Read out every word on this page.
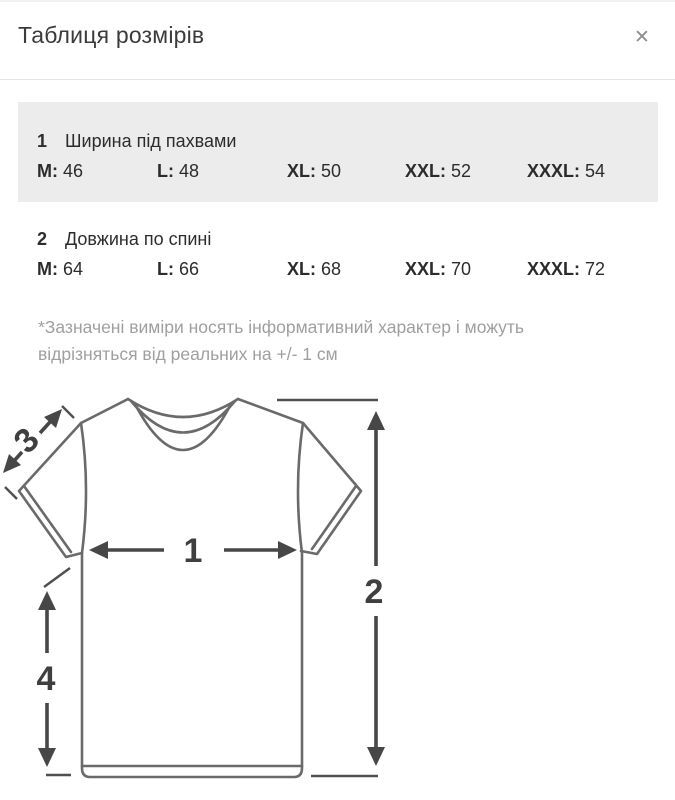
Таблиця розмірів	✕
1 Ширина під пахвами
M: 46	L: 48	XL: 50	XXL: 52	XXXL: 54
2 Довжина по спині
M: 64	L: 66	XL: 68	XXL: 70	XXXL: 72
*Зазначені виміри носять інформативний характер і можуть
відрізняться від реальних на +/- 1 см
1
2
3
4
